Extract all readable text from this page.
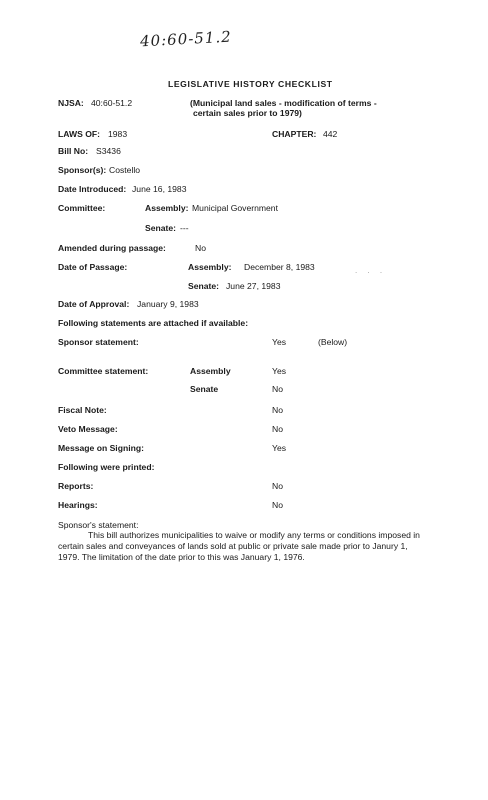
40:60-51.2
LEGISLATIVE HISTORY CHECKLIST
NJSA: 40:60-51.2	(Municipal land sales - modification of terms -
certain sales prior to 1979)
LAWS OF: 1983	CHAPTER: 442
Bill No: S3436
Sponsor(s): Costello
Date Introduced: June 16, 1983
Committee:	Assembly: Municipal Government
Senate: ---
Amended during passage:	No
Date of Passage:	Assembly: December 8, 1983	. . .
Senate: June 27, 1983
Date of Approval: January 9, 1983
Following statements are attached if available:
Sponsor statement:	Yes	(Below)
Committee statement:	Assembly	Yes
Senate	No
Fiscal Note:	No
Veto Message:	No
Message on Signing:	Yes
Following were printed:
Reports:	No
Hearings:	No
Sponsor's statement:
This bill authorizes municipalities to waive or modify any terms or conditions imposed in certain sales and conveyances of lands sold at public or private sale made prior to Janury 1, 1979. The limitation of the date prior to this was January 1, 1976.
